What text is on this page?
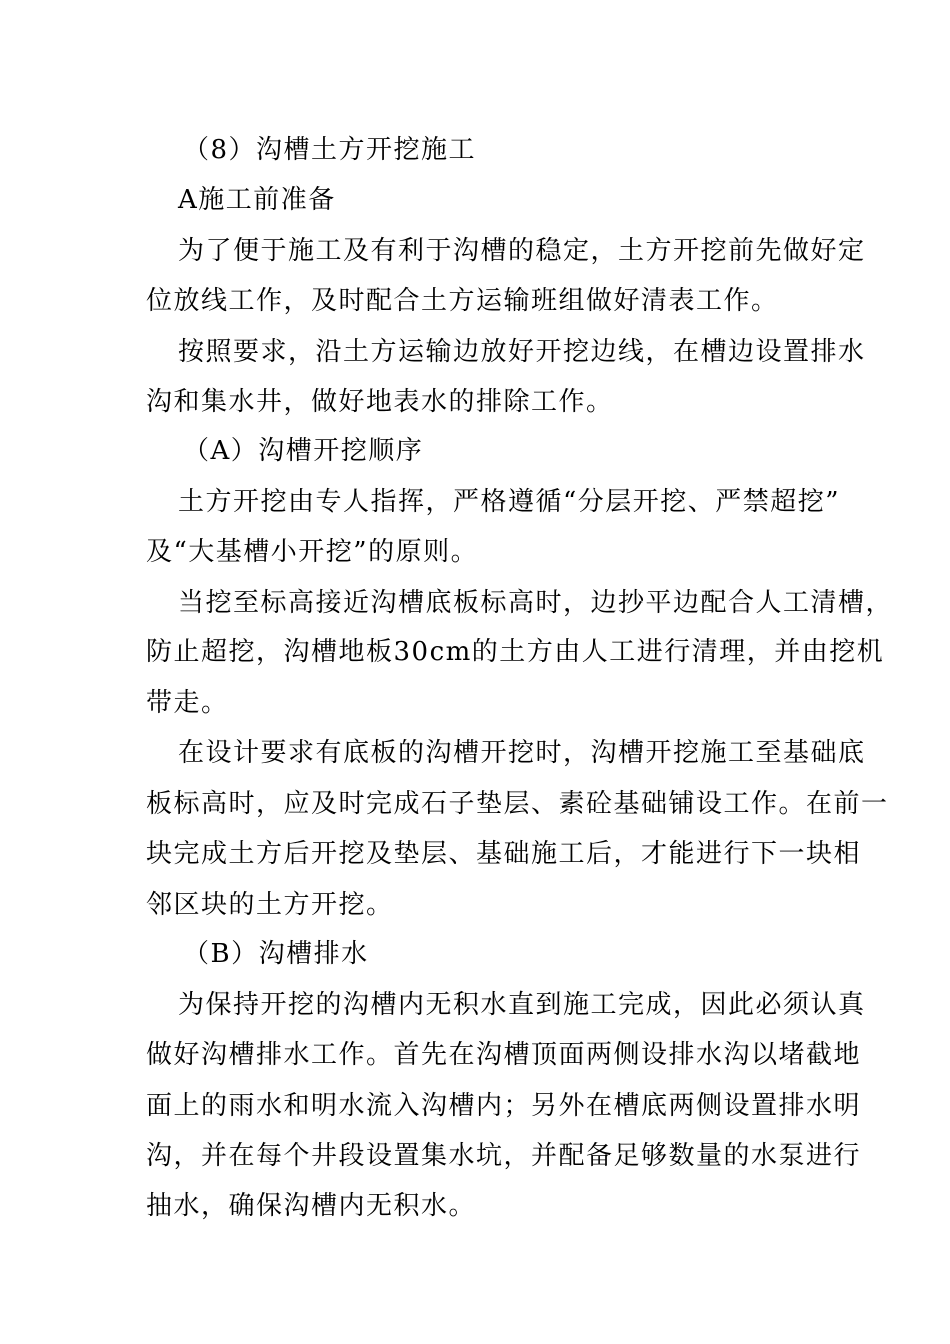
（8）沟槽土方开挖施工
A施工前准备
为了便于施工及有利于沟槽的稳定，土方开挖前先做好定
位放线工作，及时配合土方运输班组做好清表工作。
按照要求，沿土方运输边放好开挖边线，在槽边设置排水
沟和集水井，做好地表水的排除工作。
（A）沟槽开挖顺序
土方开挖由专人指挥，严格遵循“分层开挖、严禁超挖”
及“大基槽小开挖”的原则。
当挖至标高接近沟槽底板标高时，边抄平边配合人工清槽，
防止超挖，沟槽地板30cm的土方由人工进行清理，并由挖机
带走。
在设计要求有底板的沟槽开挖时，沟槽开挖施工至基础底
板标高时，应及时完成石子垫层、素砼基础铺设工作。在前一
块完成土方后开挖及垫层、基础施工后，才能进行下一块相
邻区块的土方开挖。
（B）沟槽排水
为保持开挖的沟槽内无积水直到施工完成，因此必须认真
做好沟槽排水工作。首先在沟槽顶面两侧设排水沟以堵截地
面上的雨水和明水流入沟槽内；另外在槽底两侧设置排水明
沟，并在每个井段设置集水坑，并配备足够数量的水泵进行
抽水，确保沟槽内无积水。
